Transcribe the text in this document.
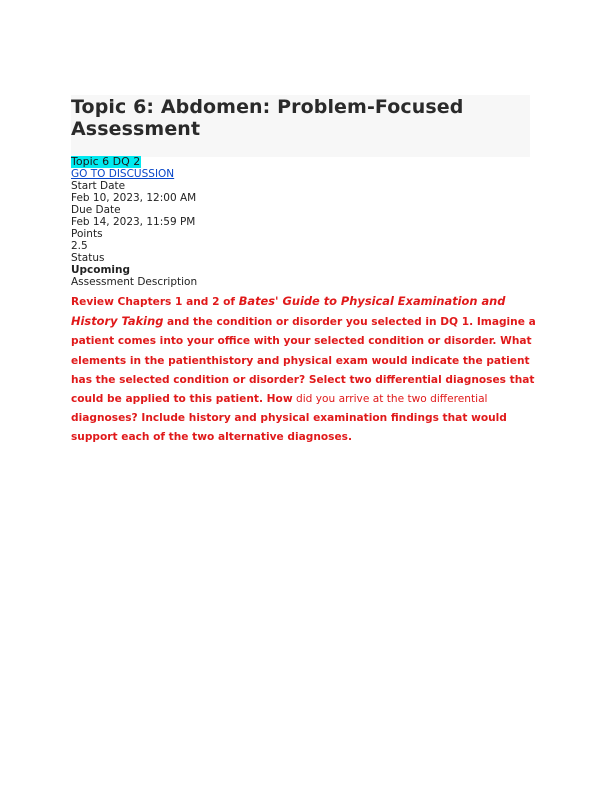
Topic 6: Abdomen: Problem-Focused Assessment
Topic 6 DQ 2
GO TO DISCUSSION
Start Date
Feb 10, 2023, 12:00 AM
Due Date
Feb 14, 2023, 11:59 PM
Points
2.5
Status
Upcoming
Assessment Description

Review Chapters 1 and 2 of Bates' Guide to Physical Examination and History Taking and the condition or disorder you selected in DQ 1. Imagine a patient comes into your office with your selected condition or disorder. What elements in the patienthistory and physical exam would indicate the patient has the selected condition or disorder? Select two differential diagnoses that could be applied to this patient. How did you arrive at the two differential diagnoses? Include history and physical examination findings that would support each of the two alternative diagnoses.
